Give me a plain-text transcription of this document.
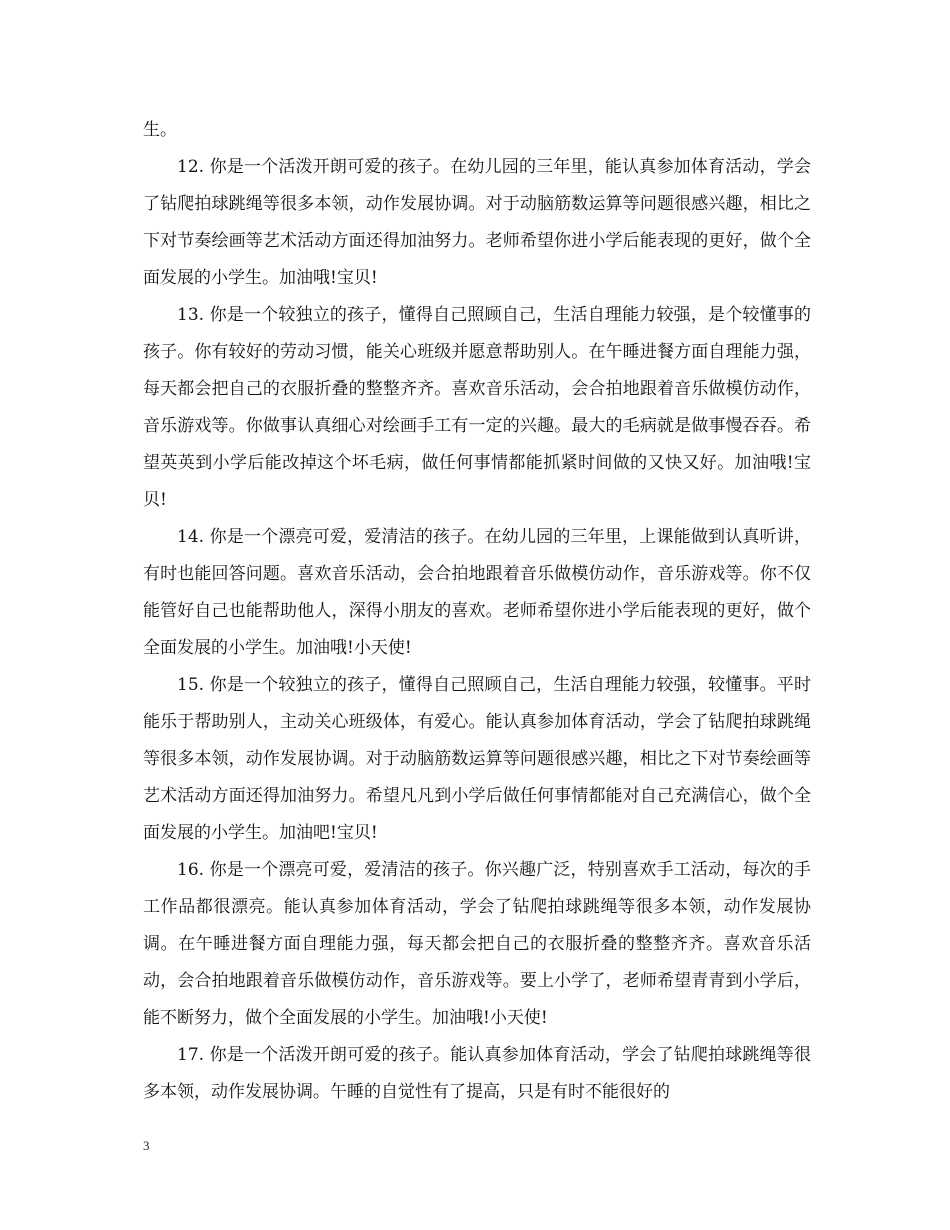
生。

12. 你是一个活泼开朗可爱的孩子。在幼儿园的三年里，能认真参加体育活动，学会了钻爬拍球跳绳等很多本领，动作发展协调。对于动脑筋数运算等问题很感兴趣，相比之下对节奏绘画等艺术活动方面还得加油努力。老师希望你进小学后能表现的更好，做个全面发展的小学生。加油哦!宝贝!

13. 你是一个较独立的孩子，懂得自己照顾自己，生活自理能力较强，是个较懂事的孩子。你有较好的劳动习惯，能关心班级并愿意帮助别人。在午睡进餐方面自理能力强，每天都会把自己的衣服折叠的整整齐齐。喜欢音乐活动，会合拍地跟着音乐做模仿动作，音乐游戏等。你做事认真细心对绘画手工有一定的兴趣。最大的毛病就是做事慢吞吞。希望英英到小学后能改掉这个坏毛病，做任何事情都能抓紧时间做的又快又好。加油哦!宝贝!

14. 你是一个漂亮可爱，爱清洁的孩子。在幼儿园的三年里，上课能做到认真听讲，有时也能回答问题。喜欢音乐活动，会合拍地跟着音乐做模仿动作，音乐游戏等。你不仅能管好自己也能帮助他人，深得小朋友的喜欢。老师希望你进小学后能表现的更好，做个全面发展的小学生。加油哦!小天使!

15. 你是一个较独立的孩子，懂得自己照顾自己，生活自理能力较强，较懂事。平时能乐于帮助别人，主动关心班级体，有爱心。能认真参加体育活动，学会了钻爬拍球跳绳等很多本领，动作发展协调。对于动脑筋数运算等问题很感兴趣，相比之下对节奏绘画等艺术活动方面还得加油努力。希望凡凡到小学后做任何事情都能对自己充满信心，做个全面发展的小学生。加油吧!宝贝!

16. 你是一个漂亮可爱，爱清洁的孩子。你兴趣广泛，特别喜欢手工活动，每次的手工作品都很漂亮。能认真参加体育活动，学会了钻爬拍球跳绳等很多本领，动作发展协调。在午睡进餐方面自理能力强，每天都会把自己的衣服折叠的整整齐齐。喜欢音乐活动，会合拍地跟着音乐做模仿动作，音乐游戏等。要上小学了，老师希望青青到小学后，能不断努力，做个全面发展的小学生。加油哦!小天使!

17. 你是一个活泼开朗可爱的孩子。能认真参加体育活动，学会了钻爬拍球跳绳等很多本领，动作发展协调。午睡的自觉性有了提高，只是有时不能很好的

3
